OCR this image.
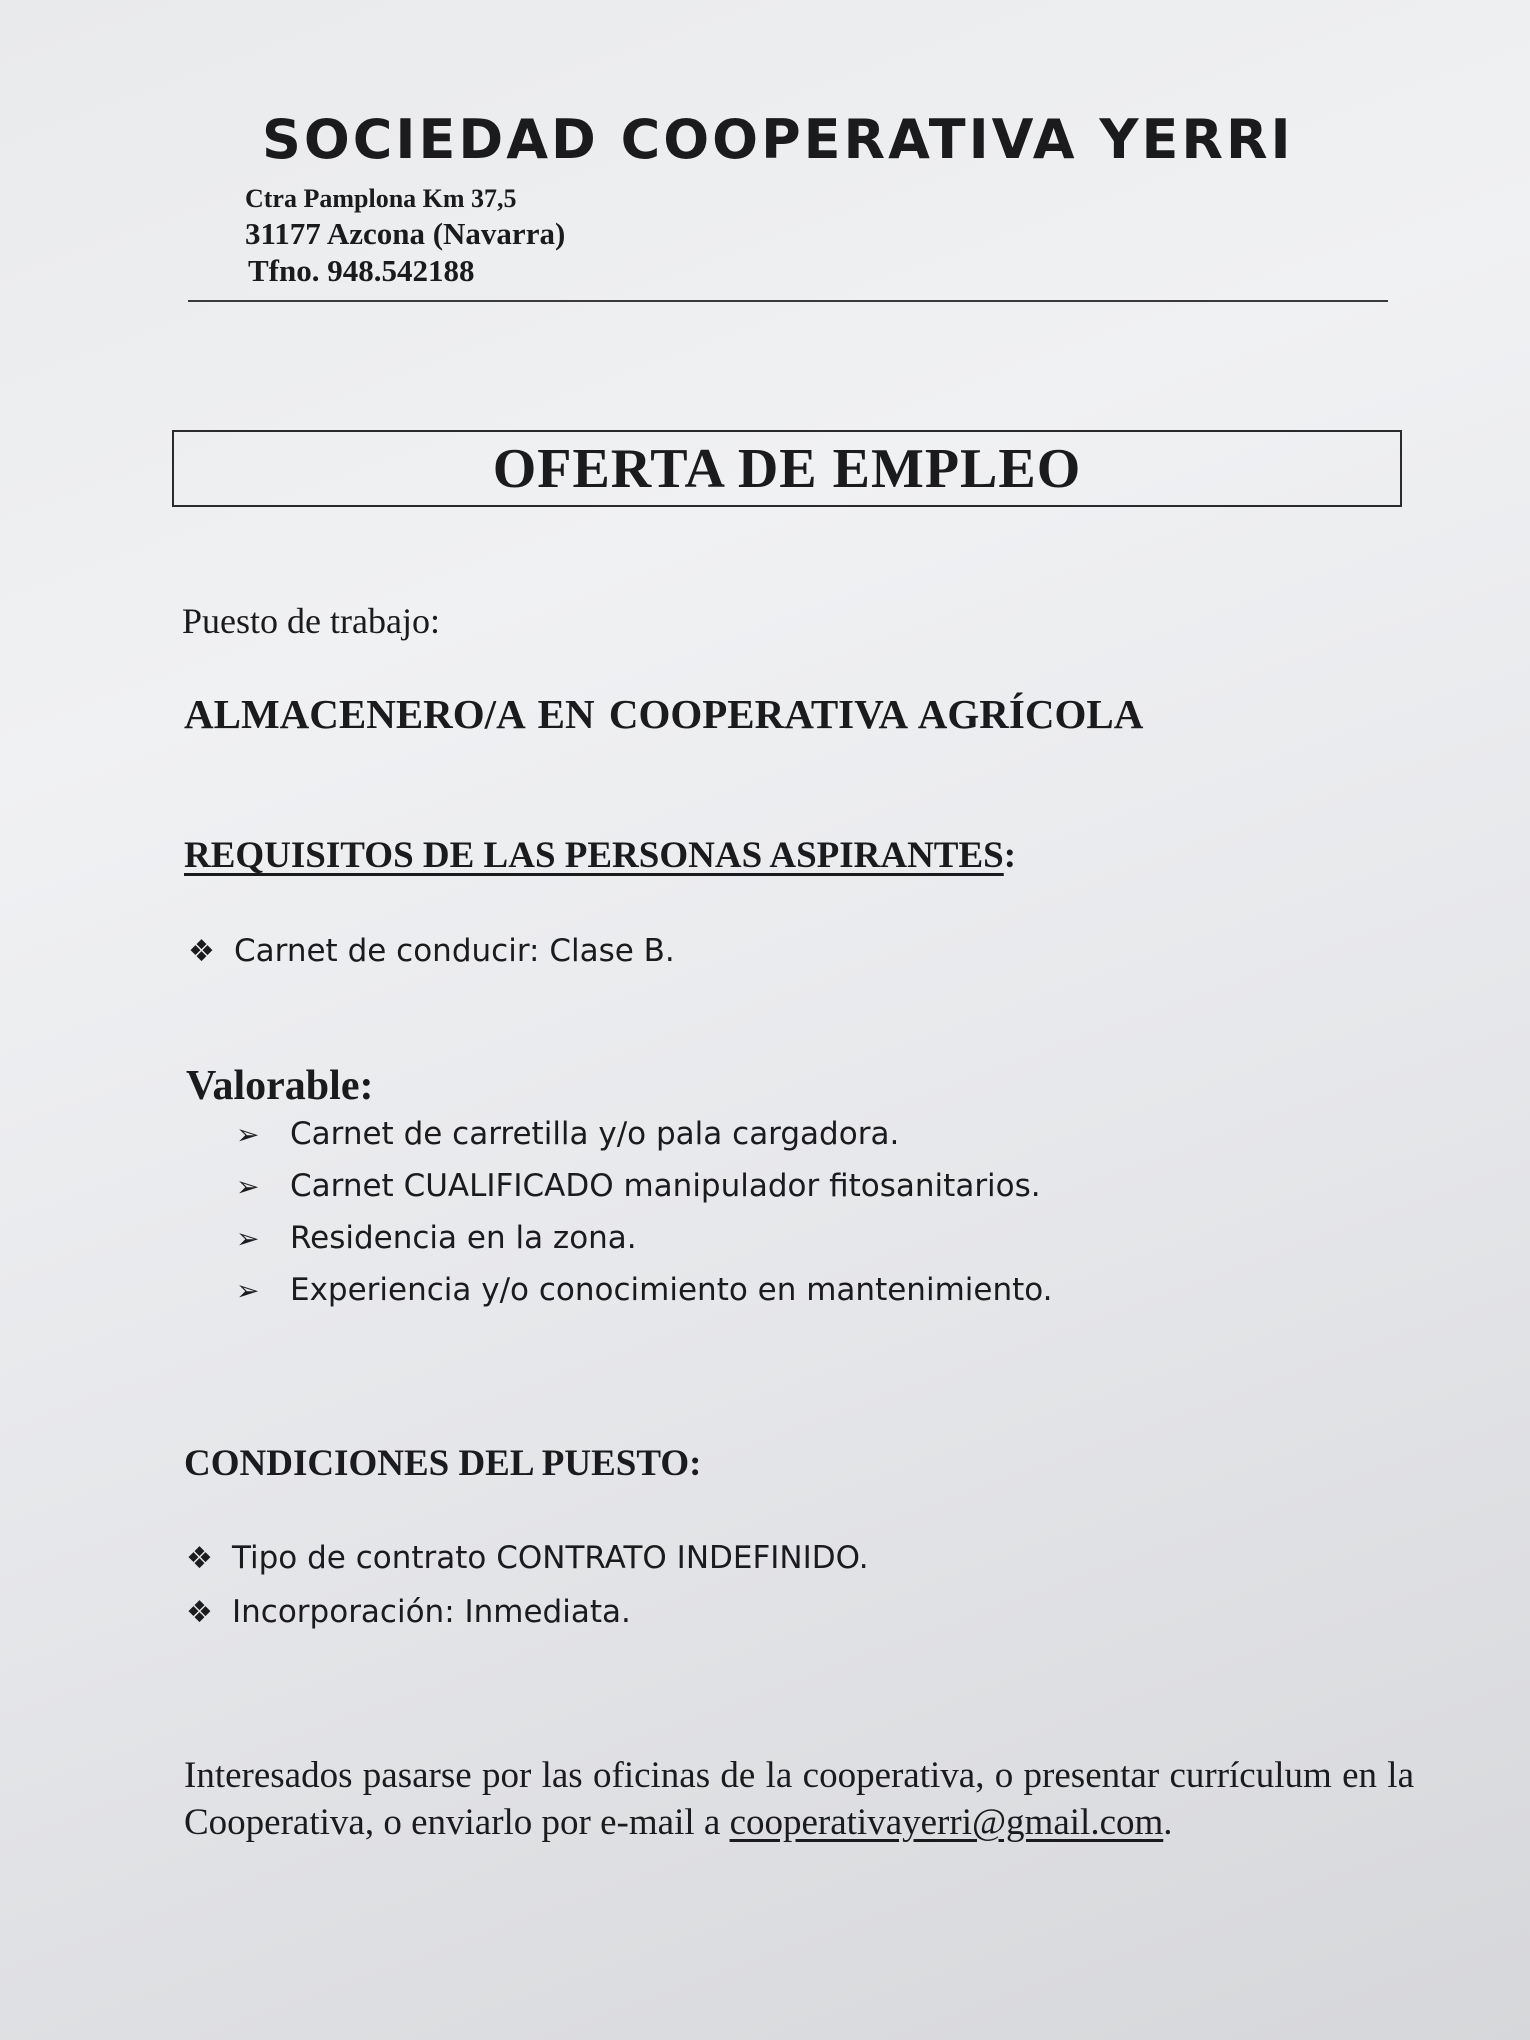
SOCIEDAD COOPERATIVA YERRI
Ctra Pamplona Km 37,5
31177 Azcona (Navarra)
Tfno. 948.542188
OFERTA DE EMPLEO
Puesto de trabajo:
ALMACENERO/A EN COOPERATIVA AGRÍCOLA
REQUISITOS DE LAS PERSONAS ASPIRANTES:
❖ Carnet de conducir: Clase B.
Valorable:
➢ Carnet de carretilla y/o pala cargadora.
➢ Carnet CUALIFICADO manipulador fitosanitarios.
➢ Residencia en la zona.
➢ Experiencia y/o conocimiento en mantenimiento.
CONDICIONES DEL PUESTO:
❖ Tipo de contrato CONTRATO INDEFINIDO.
❖ Incorporación: Inmediata.
Interesados pasarse por las oficinas de la cooperativa, o presentar currículum en la Cooperativa, o enviarlo por e-mail a cooperativayerri@gmail.com.
